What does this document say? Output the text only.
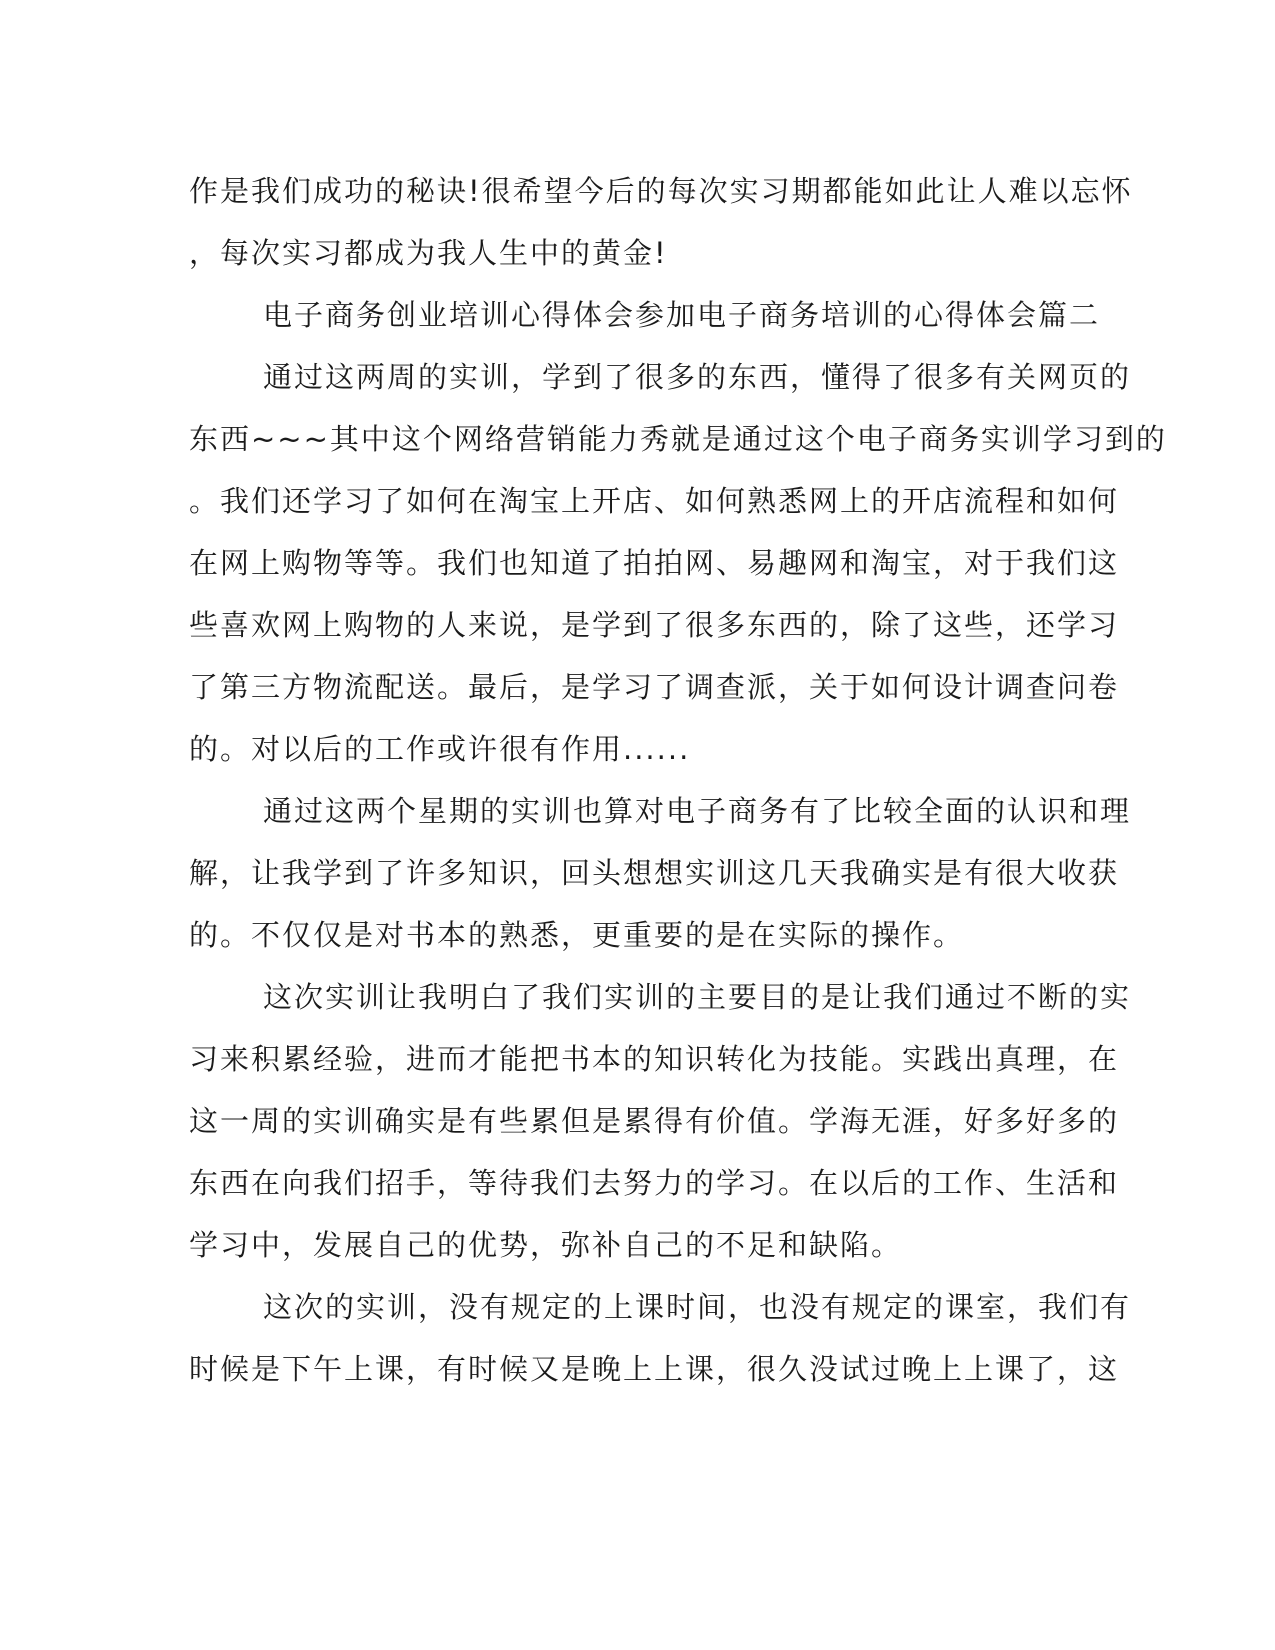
作是我们成功的秘诀!很希望今后的每次实习期都能如此让人难以忘怀
，每次实习都成为我人生中的黄金!
电子商务创业培训心得体会参加电子商务培训的心得体会篇二
通过这两周的实训，学到了很多的东西，懂得了很多有关网页的
东西~~~其中这个网络营销能力秀就是通过这个电子商务实训学习到的
。我们还学习了如何在淘宝上开店、如何熟悉网上的开店流程和如何
在网上购物等等。我们也知道了拍拍网、易趣网和淘宝，对于我们这
些喜欢网上购物的人来说，是学到了很多东西的，除了这些，还学习
了第三方物流配送。最后，是学习了调查派，关于如何设计调查问卷
的。对以后的工作或许很有作用......
通过这两个星期的实训也算对电子商务有了比较全面的认识和理
解，让我学到了许多知识，回头想想实训这几天我确实是有很大收获
的。不仅仅是对书本的熟悉，更重要的是在实际的操作。
这次实训让我明白了我们实训的主要目的是让我们通过不断的实
习来积累经验，进而才能把书本的知识转化为技能。实践出真理，在
这一周的实训确实是有些累但是累得有价值。学海无涯，好多好多的
东西在向我们招手，等待我们去努力的学习。在以后的工作、生活和
学习中，发展自己的优势，弥补自己的不足和缺陷。
这次的实训，没有规定的上课时间，也没有规定的课室，我们有
时候是下午上课，有时候又是晚上上课，很久没试过晚上上课了，这
